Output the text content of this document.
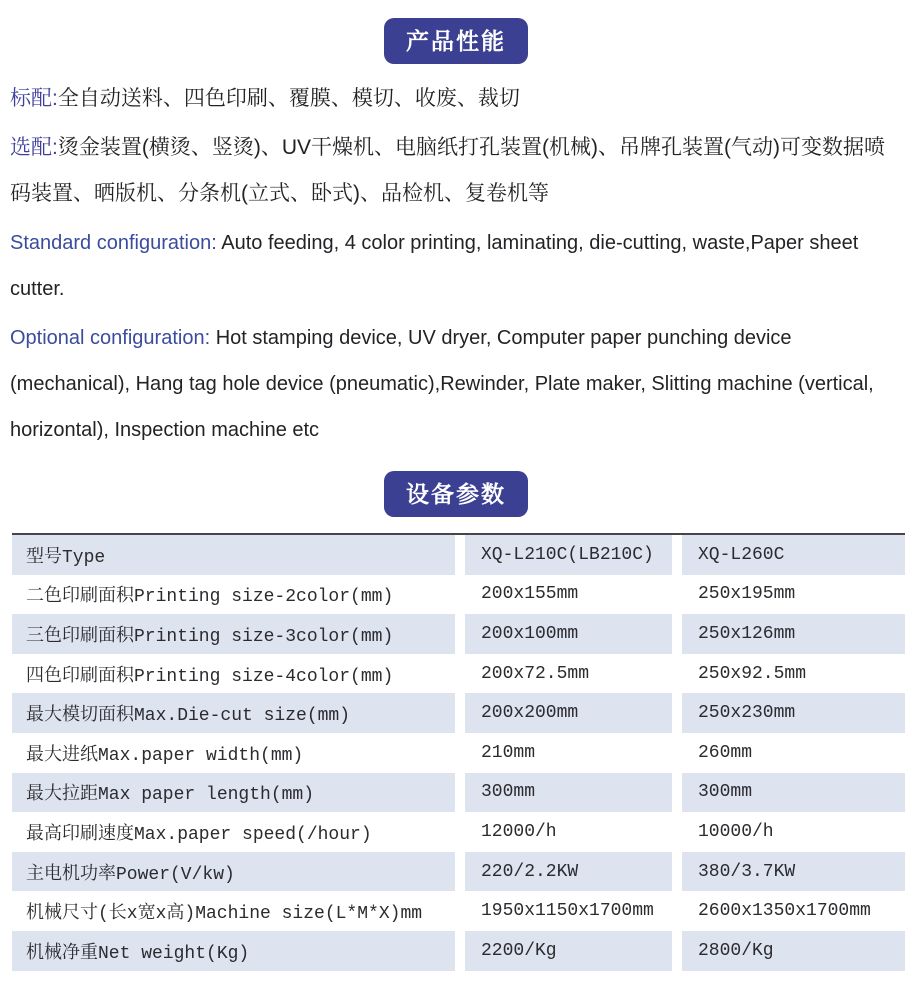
产品性能

标配:全自动送料、四色印刷、覆膜、模切、收废、裁切

选配:烫金装置(横烫、竖烫)、UV干燥机、电脑纸打孔装置(机械)、吊牌孔装置(气动)可变数据喷码装置、晒版机、分条机(立式、卧式)、品检机、复卷机等

Standard configuration: Auto feeding, 4 color printing, laminating, die-cutting, waste,Paper sheet cutter.

Optional configuration: Hot stamping device, UV dryer, Computer paper punching device (mechanical), Hang tag hole device (pneumatic),Rewinder, Plate maker, Slitting machine (vertical, horizontal), Inspection machine etc

设备参数
型号Type	XQ-L210C(LB210C)	XQ-L260C
二色印刷面积Printing size-2color(mm)	200x155mm	250x195mm
三色印刷面积Printing size-3color(mm)	200x100mm	250x126mm
四色印刷面积Printing size-4color(mm)	200x72.5mm	250x92.5mm
最大模切面积Max.Die-cut size(mm)	200x200mm	250x230mm
最大进纸Max.paper width(mm)	210mm	260mm
最大拉距Max paper length(mm)	300mm	300mm
最高印刷速度Max.paper speed(/hour)	12000/h	10000/h
主电机功率Power(V/kw)	220/2.2KW	380/3.7KW
机械尺寸(长x宽x高)Machine size(L*M*X)mm	1950x1150x1700mm	2600x1350x1700mm
机械净重Net weight(Kg)	2200/Kg	2800/Kg
